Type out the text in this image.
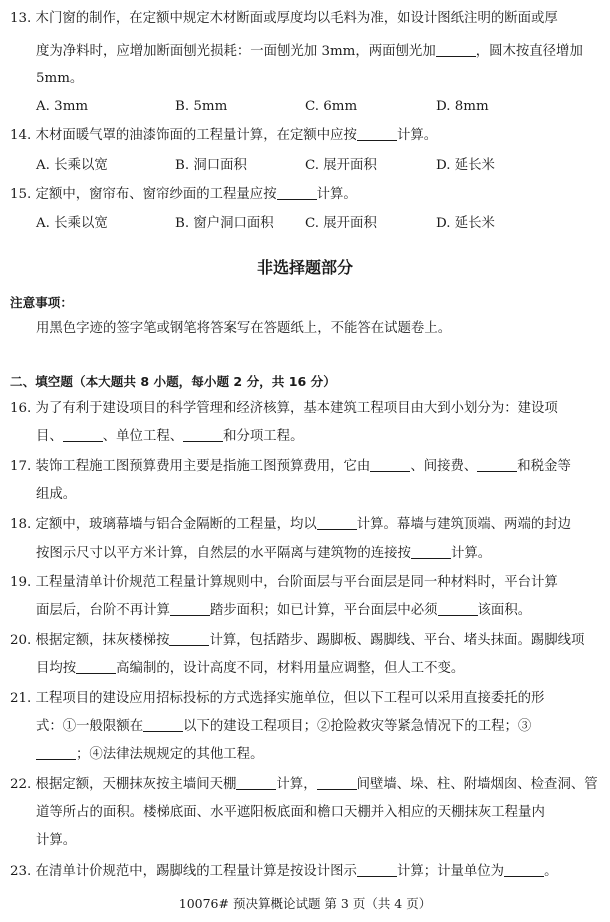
13. 木门窗的制作，在定额中规定木材断面或厚度均以毛料为准，如设计图纸注明的断面或厚
度为净料时，应增加断面刨光损耗：一面刨光加 3mm，两面刨光加	，圆木按直径增加
5mm。
A. 3mm	B. 5mm	C. 6mm	D. 8mm
14. 木材面暖气罩的油漆饰面的工程量计算，在定额中应按	计算。
A. 长乘以宽	B. 洞口面积	C. 展开面积	D. 延长米
15. 定额中，窗帘布、窗帘纱面的工程量应按	计算。
A. 长乘以宽	B. 窗户洞口面积 C. 展开面积	D. 延长米
非选择题部分
注意事项：
用黑色字迹的签字笔或钢笔将答案写在答题纸上，不能答在试题卷上。
二、填空题（本大题共 8 小题，每小题 2 分，共 16 分）
16. 为了有利于建设项目的科学管理和经济核算，基本建筑工程项目由大到小划分为：建设项
目、	、单位工程、	和分项工程。
17. 装饰工程施工图预算费用主要是指施工图预算费用，它由	、间接费、	和税金等
组成。
18. 定额中，玻璃幕墙与铝合金隔断的工程量，均以	计算。幕墙与建筑顶端、两端的封边
按图示尺寸以平方米计算，自然层的水平隔离与建筑物的连接按	计算。
19. 工程量清单计价规范工程量计算规则中，台阶面层与平台面层是同一种材料时，平台计算
面层后，台阶不再计算	踏步面积；如已计算，平台面层中必须	该面积。
20. 根据定额，抹灰楼梯按	计算，包括踏步、踢脚板、踢脚线、平台、堵头抹面。踢脚线项
目均按	高编制的，设计高度不同，材料用量应调整，但人工不变。
21. 工程项目的建设应用招标投标的方式选择实施单位，但以下工程可以采用直接委托的形
式：①一般限额在	以下的建设工程项目；②抢险救灾等紧急情况下的工程；③
；④法律法规规定的其他工程。
22. 根据定额，天棚抹灰按主墙间天棚	计算，	间壁墙、垛、柱、附墙烟囱、检查洞、管
道等所占的面积。楼梯底面、水平遮阳板底面和檐口天棚并入相应的天棚抹灰工程量内
计算。
23. 在清单计价规范中，踢脚线的工程量计算是按设计图示	计算；计量单位为	。
10076# 预决算概论试题 第 3 页（共 4 页）
